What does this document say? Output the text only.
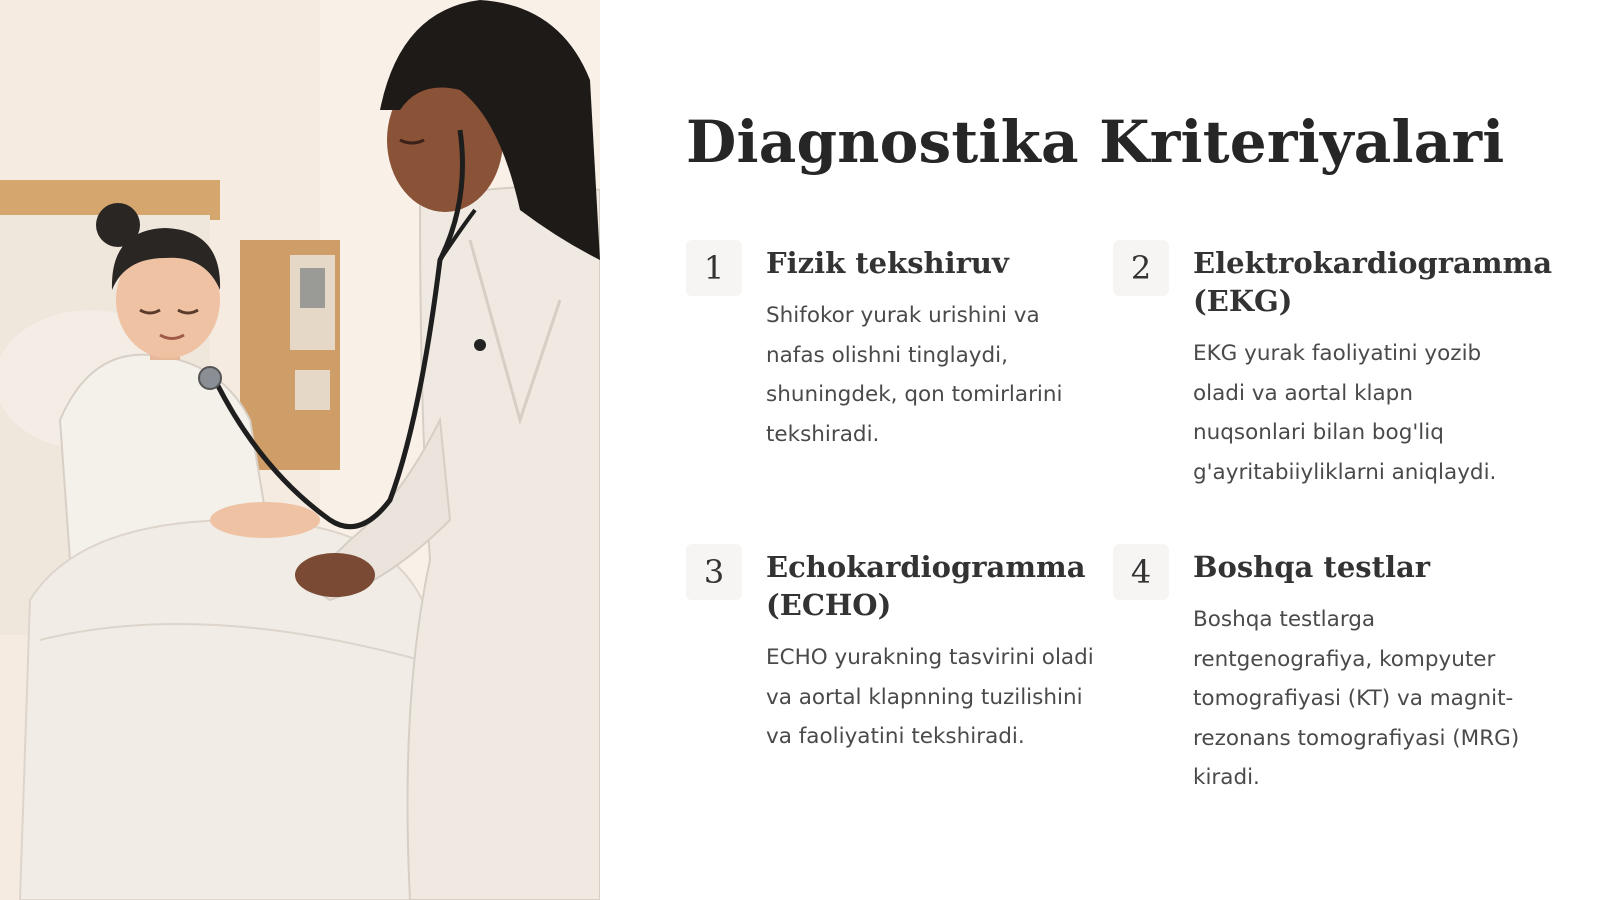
Diagnostika Kriteriyalari
1	Fizik tekshiruv

Shifokor yurak urishini va nafas olishni tinglaydi, shuningdek, qon tomirlarini tekshiradi.

2	Elektrokardiogramma (EKG)

EKG yurak faoliyatini yozib oladi va aortal klapn nuqsonlari bilan bog'liq g'ayritabiiyliklarni aniqlaydi.

3	Echokardiogramma (ECHO)

ECHO yurakning tasvirini oladi va aortal klapnning tuzilishini va faoliyatini tekshiradi.

4	Boshqa testlar

Boshqa testlarga rentgenografiya, kompyuter tomografiyasi (KT) va magnit-rezonans tomografiyasi (MRG) kiradi.
